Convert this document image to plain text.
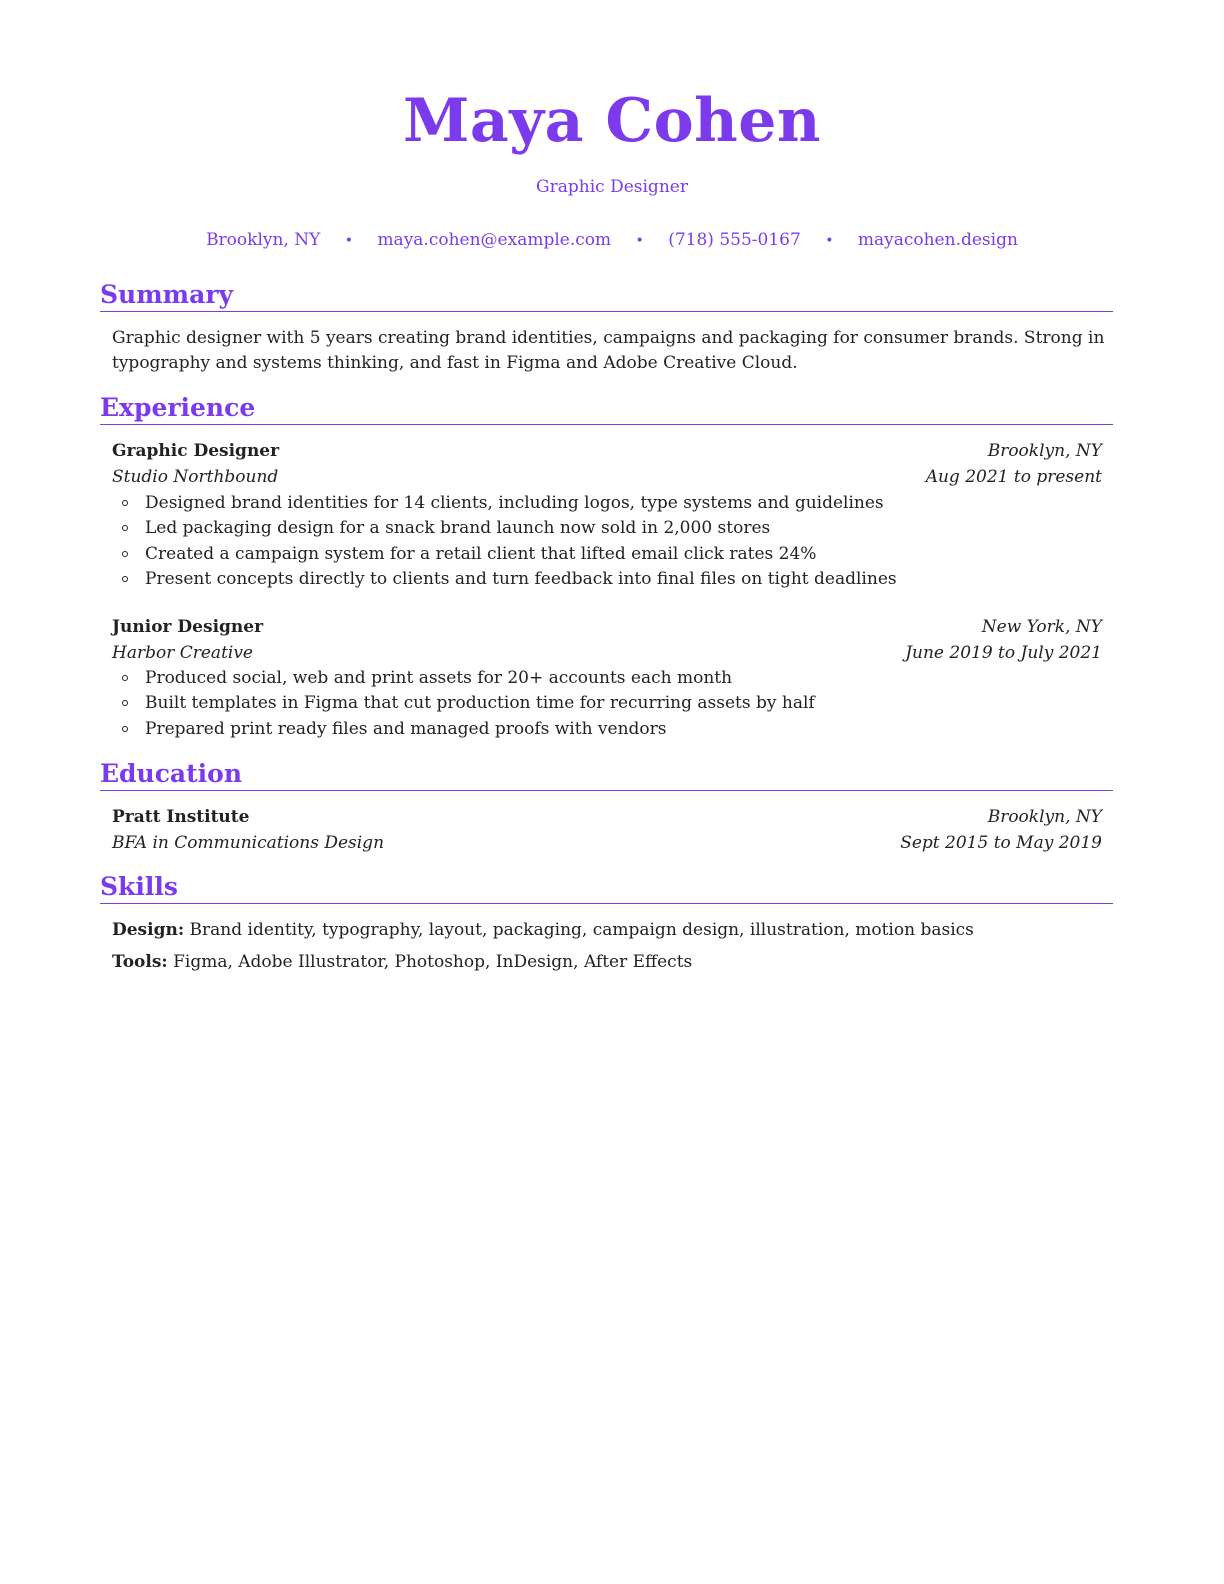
Maya Cohen
Graphic Designer
Brooklyn, NY • maya.cohen@example.com • (718) 555-0167 • mayacohen.design
Summary
Graphic designer with 5 years creating brand identities, campaigns and packaging for consumer brands. Strong in typography and systems thinking, and fast in Figma and Adobe Creative Cloud.
Experience
Graphic Designer	Brooklyn, NY
Studio Northbound	Aug 2021 to present
Designed brand identities for 14 clients, including logos, type systems and guidelines
Led packaging design for a snack brand launch now sold in 2,000 stores
Created a campaign system for a retail client that lifted email click rates 24%
Present concepts directly to clients and turn feedback into final files on tight deadlines
Junior Designer	New York, NY
Harbor Creative	June 2019 to July 2021
Produced social, web and print assets for 20+ accounts each month
Built templates in Figma that cut production time for recurring assets by half
Prepared print ready files and managed proofs with vendors
Education
Pratt Institute	Brooklyn, NY
BFA in Communications Design	Sept 2015 to May 2019
Skills
Design: Brand identity, typography, layout, packaging, campaign design, illustration, motion basics
Tools: Figma, Adobe Illustrator, Photoshop, InDesign, After Effects
